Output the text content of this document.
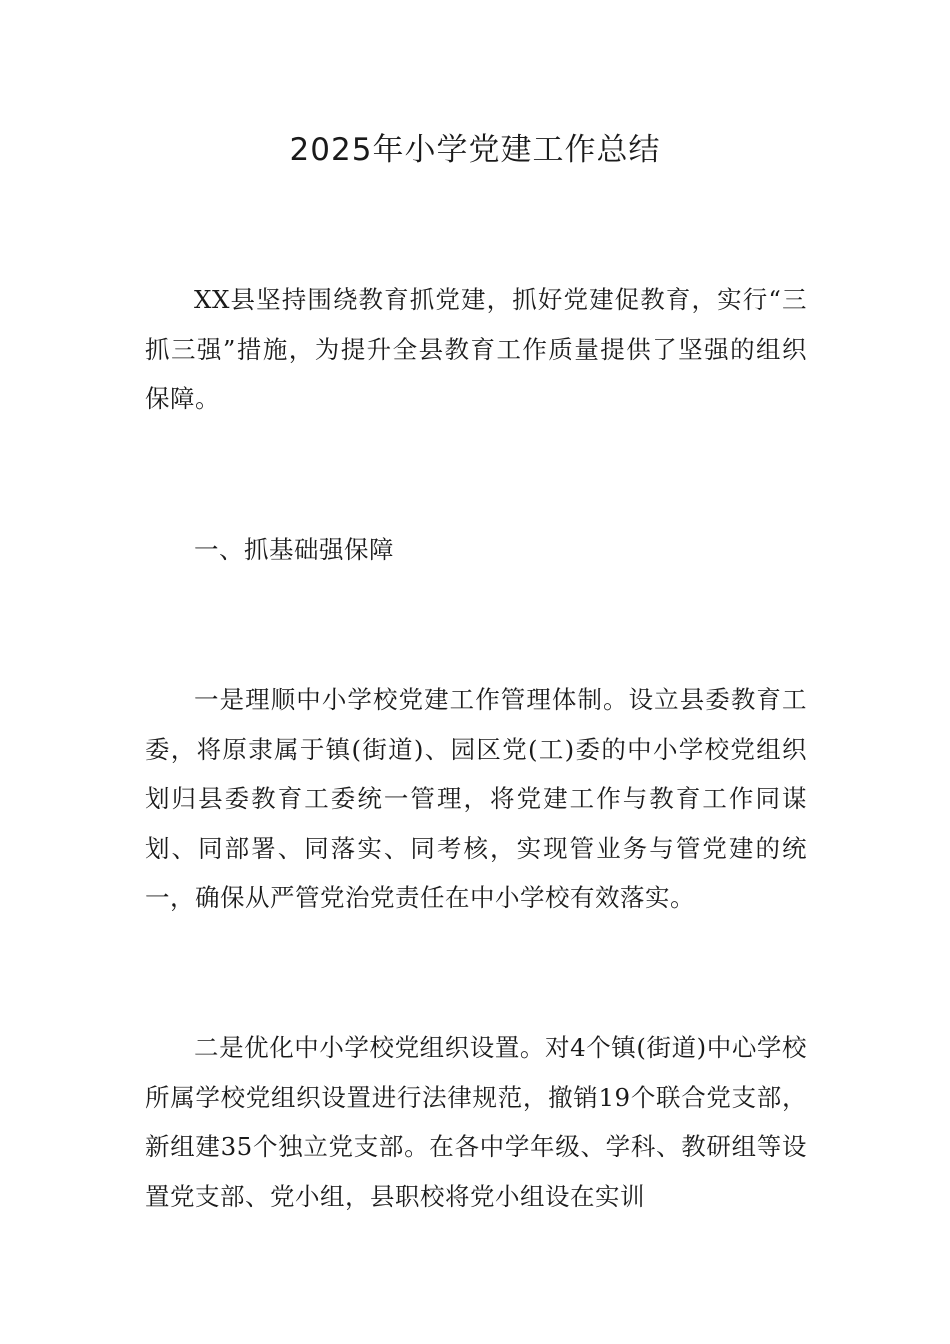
2025年小学党建工作总结

XX县坚持围绕教育抓党建，抓好党建促教育，实行“三抓三强”措施，为提升全县教育工作质量提供了坚强的组织保障。

一、抓基础强保障

一是理顺中小学校党建工作管理体制。设立县委教育工委，将原隶属于镇(街道)、园区党(工)委的中小学校党组织划归县委教育工委统一管理，将党建工作与教育工作同谋划、同部署、同落实、同考核，实现管业务与管党建的统一，确保从严管党治党责任在中小学校有效落实。

二是优化中小学校党组织设置。对4个镇(街道)中心学校所属学校党组织设置进行法律规范，撤销19个联合党支部，新组建35个独立党支部。在各中学年级、学科、教研组等设置党支部、党小组，县职校将党小组设在实训
